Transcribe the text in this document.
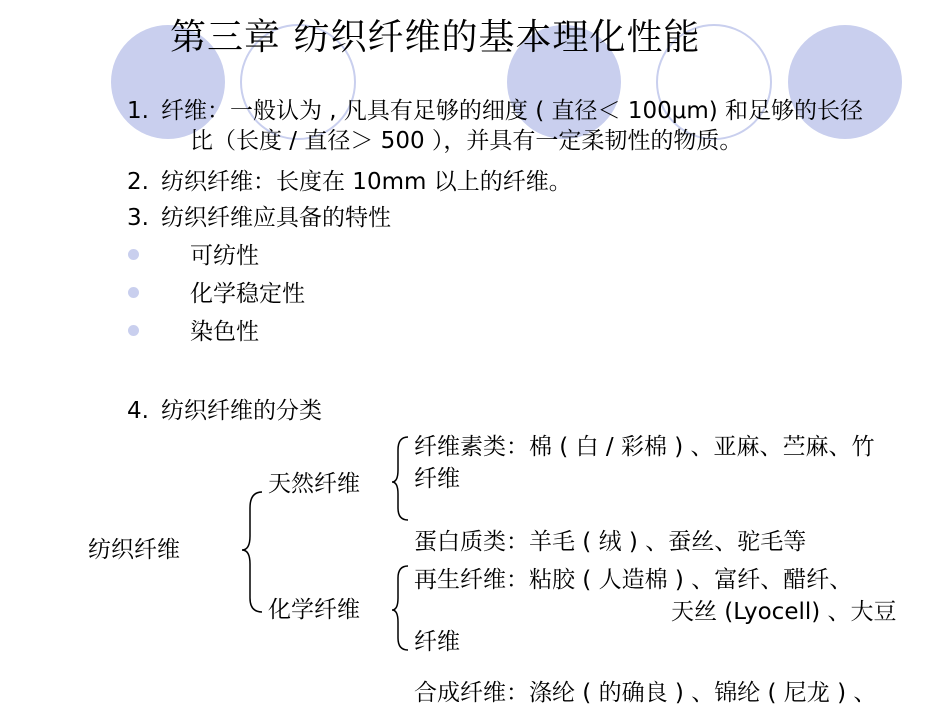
第三章 纺织纤维的基本理化性能
1. 纤维：一般认为 , 凡具有足够的细度 ( 直径＜ 100μm) 和足够的长径
比（长度 / 直径＞ 500 ），并具有一定柔韧性的物质。
2. 纺织纤维：长度在 10mm 以上的纤维。
3. 纺织纤维应具备的特性
可纺性
化学稳定性
染色性
4. 纺织纤维的分类
纺织纤维
天然纤维
化学纤维
纤维素类：棉 ( 白 / 彩棉 ) 、亚麻、苎麻、竹
纤维
蛋白质类：羊毛 ( 绒 ) 、蚕丝、驼毛等
再生纤维：粘胶 ( 人造棉 ) 、富纤、醋纤、
天丝 (Lyocell) 、大豆
纤维
合成纤维：涤纶 ( 的确良 ) 、锦纶 ( 尼龙 ) 、
